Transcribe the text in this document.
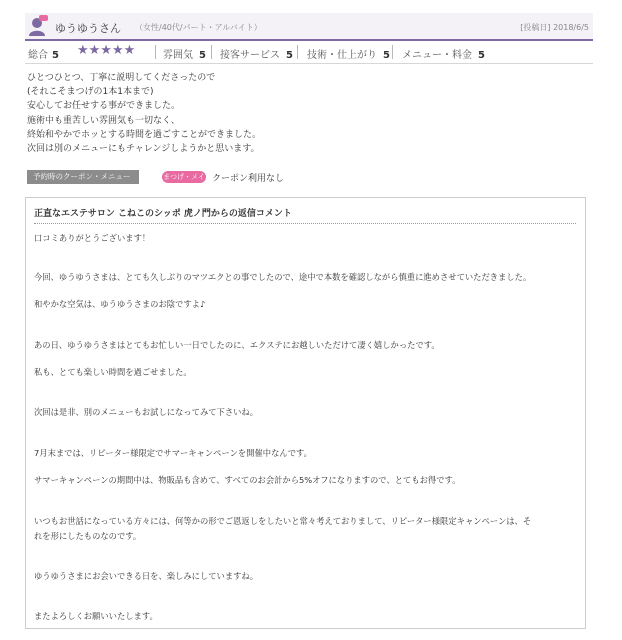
ゆうゆうさん （女性/40代/パート・アルバイト）	[投稿日] 2018/6/5
総合 5 ★★★★★	雰囲気 5 接客サービス 5 技術・仕上がり 5 メニュー・料金 5
ひとつひとつ、丁寧に説明してくださったので
(それこそまつげの1本1本まで)
安心してお任せする事ができました。
施術中も重苦しい雰囲気も一切なく、
終始和やかでホッとする時間を過ごすことができました。
次回は別のメニューにもチャレンジしようかと思います。
予約時のクーポン・メニュー	まつげ・メイク
クーポン利用なし
正直なエステサロン こねこのシッポ 虎ノ門からの返信コメント
口コミありがとうございます！
今回、ゆうゆうさまは、とても久しぶりのマツエクとの事でしたので、途中で本数を確認しながら慎重に進めさせていただきました。
和やかな空気は、ゆうゆうさまのお陰ですよ♪
あの日、ゆうゆうさまはとてもお忙しい一日でしたのに、エクステにお越しいただけて凄く嬉しかったです。
私も、とても楽しい時間を過ごせました。
次回は是非、別のメニューもお試しになってみて下さいね。
7月末までは、リピーター様限定でサマーキャンペーンを開催中なんです。
サマーキャンペーンの期間中は、物販品も含めて、すべてのお会計から5%オフになりますので、とてもお得です。
いつもお世話になっている方々には、何等かの形でご恩返しをしたいと常々考えておりまして、リピーター様限定キャンペーンは、そ
れを形にしたものなのです。
ゆうゆうさまにお会いできる日を、楽しみにしていますね。
またよろしくお願いいたします。
